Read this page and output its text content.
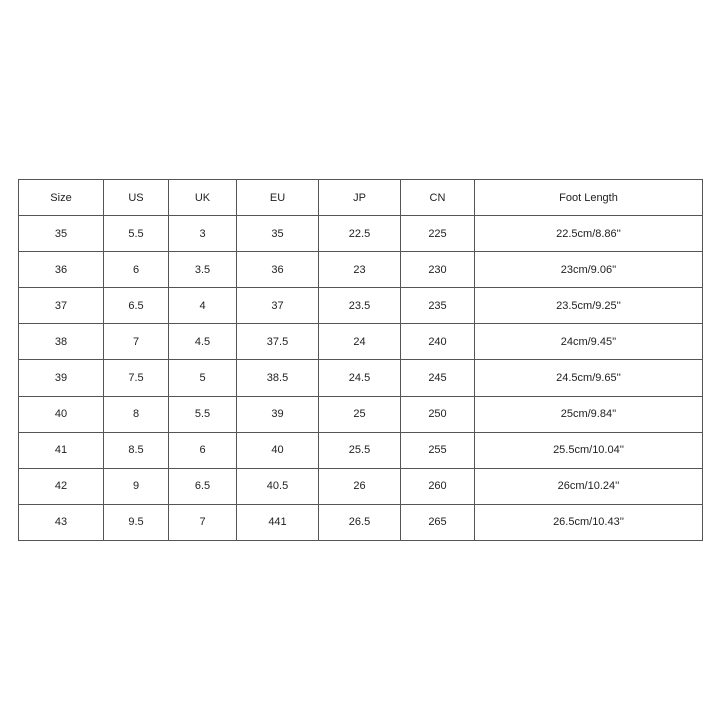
Size	US	UK	EU	JP	CN	Foot Length
35	5.5	3	35	22.5	225	22.5cm/8.86''
36	6	3.5	36	23	230	23cm/9.06''
37	6.5	4	37	23.5	235	23.5cm/9.25''
38	7	4.5	37.5	24	240	24cm/9.45''
39	7.5	5	38.5	24.5	245	24.5cm/9.65''
40	8	5.5	39	25	250	25cm/9.84''
41	8.5	6	40	25.5	255	25.5cm/10.04''
42	9	6.5	40.5	26	260	26cm/10.24''
43	9.5	7	441	26.5	265	26.5cm/10.43''
